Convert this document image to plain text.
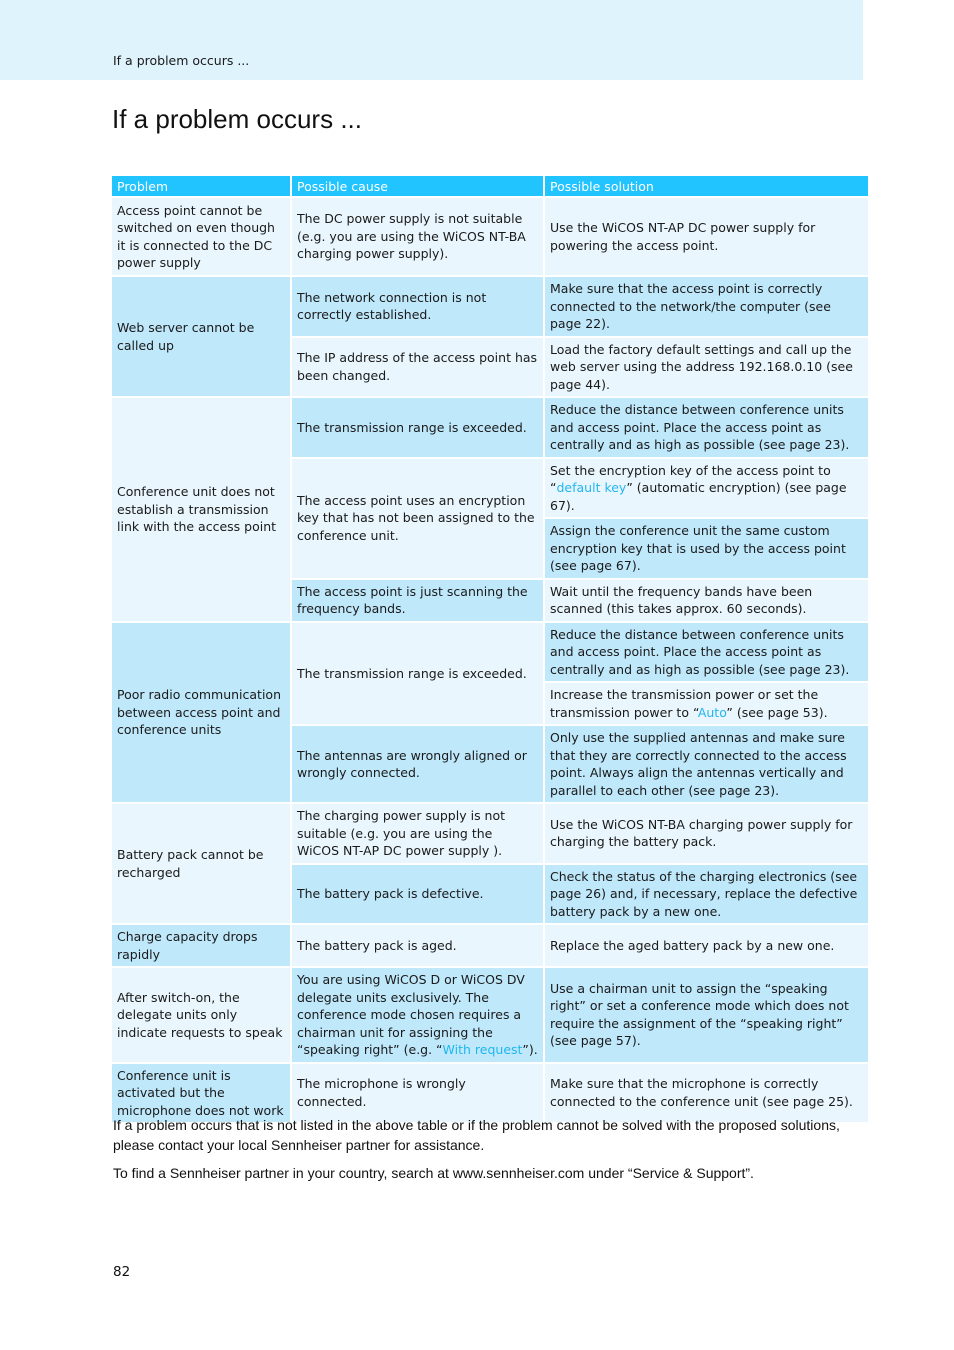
If a problem occurs ...
If a problem occurs ...
Problem	Possible cause	Possible solution
Access point cannot be switched on even though it is connected to the DC power supply	The DC power supply is not suitable (e.g. you are using the WiCOS NT-BA charging power supply).	Use the WiCOS NT-AP DC power supply for powering the access point.
Web server cannot be called up	The network connection is not correctly established.	Make sure that the access point is correctly connected to the network/the computer (see page 22).
	The IP address of the access point has been changed.	Load the factory default settings and call up the web server using the address 192.168.0.10 (see page 44).
Conference unit does not establish a transmission link with the access point	The transmission range is exceeded.	Reduce the distance between conference units and access point. Place the access point as centrally and as high as possible (see page 23).
	The access point uses an encryption key that has not been assigned to the conference unit.	Set the encryption key of the access point to “default key” (automatic encryption) (see page 67).
		Assign the conference unit the same custom encryption key that is used by the access point (see page 67).
	The access point is just scanning the frequency bands.	Wait until the frequency bands have been scanned (this takes approx. 60 seconds).
Poor radio communication between access point and conference units	The transmission range is exceeded.	Reduce the distance between conference units and access point. Place the access point as centrally and as high as possible (see page 23).
		Increase the transmission power or set the transmission power to “Auto” (see page 53).
	The antennas are wrongly aligned or wrongly connected.	Only use the supplied antennas and make sure that they are correctly connected to the access point. Always align the antennas vertically and parallel to each other (see page 23).
Battery pack cannot be recharged	The charging power supply is not suitable (e.g. you are using the WiCOS NT-AP DC power supply ).	Use the WiCOS NT-BA charging power supply for charging the battery pack.
	The battery pack is defective.	Check the status of the charging electronics (see page 26) and, if necessary, replace the defective battery pack by a new one.
Charge capacity drops rapidly	The battery pack is aged.	Replace the aged battery pack by a new one.
After switch-on, the delegate units only indicate requests to speak	You are using WiCOS D or WiCOS DV delegate units exclusively. The conference mode chosen requires a chairman unit for assigning the “speaking right” (e.g. “With request”).	Use a chairman unit to assign the “speaking right” or set a conference mode which does not require the assignment of the “speaking right” (see page 57).
Conference unit is activated but the microphone does not work	The microphone is wrongly connected.	Make sure that the microphone is correctly connected to the conference unit (see page 25).

If a problem occurs that is not listed in the above table or if the problem cannot be solved with the proposed solutions, please contact your local Sennheiser partner for assistance.

To find a Sennheiser partner in your country, search at www.sennheiser.com under “Service & Support”.

82
